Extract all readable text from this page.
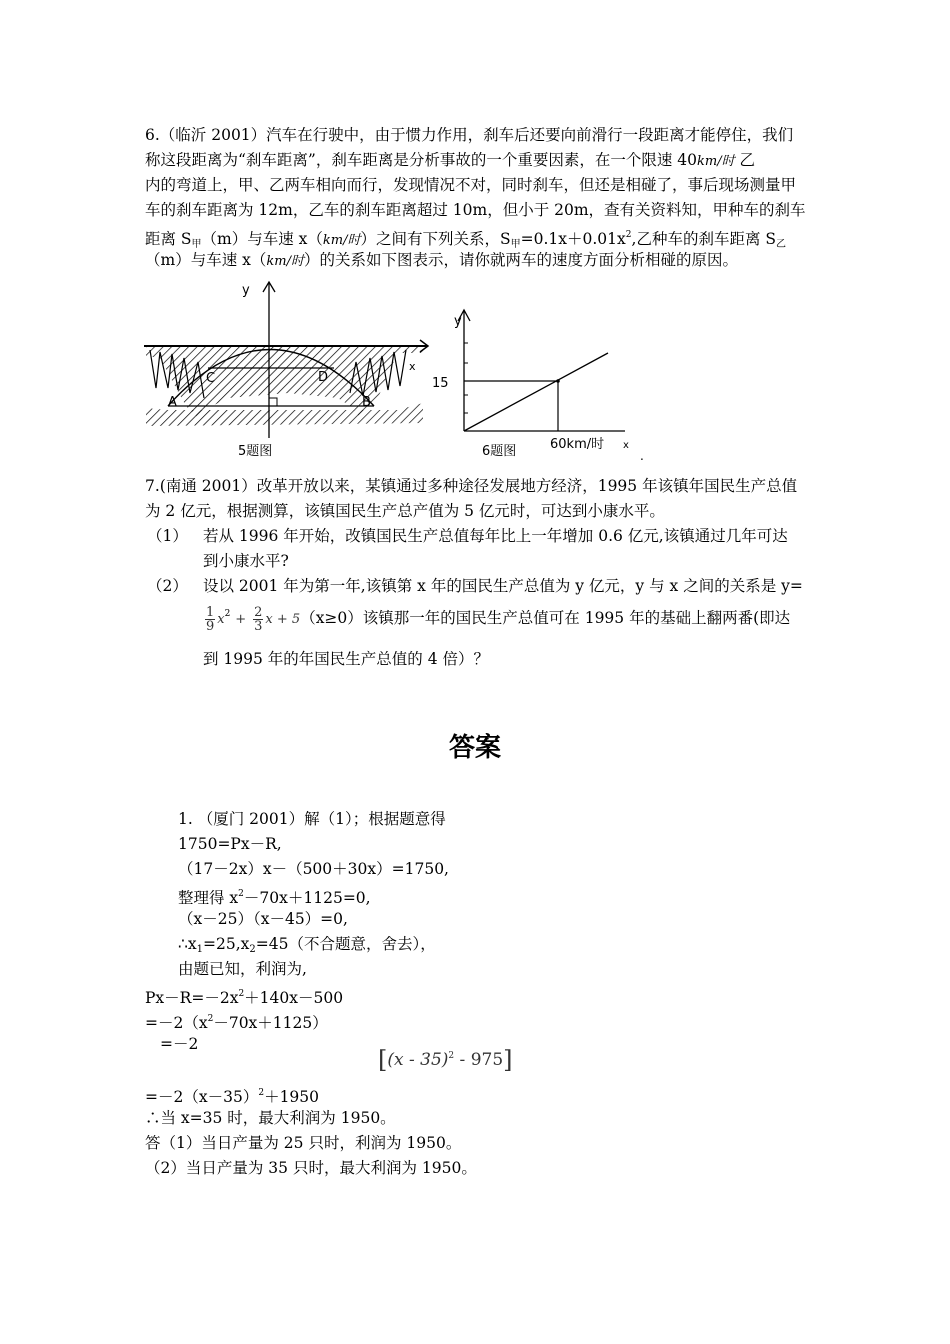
6.（临沂 2001）汽车在行驶中，由于惯力作用，刹车后还要向前滑行一段距离才能停住，我们
称这段距离为“刹车距离”，刹车距离是分析事故的一个重要因素，在一个限速 40km/时 乙
内的弯道上，甲、乙两车相向而行，发现情况不对，同时刹车，但还是相碰了，事后现场测量甲
车的刹车距离为 12m，乙车的刹车距离超过 10m，但小于 20m，查有关资料知，甲种车的刹车
距离 $S_甲(m)$与车速 x（km/时）之间有下列关系，$S_甲=0.1x+0.01x^2$,乙种车的刹车距离 $S_乙$
（m）与车速 x（km/时）的关系如下图表示，请你就两车的速度方面分析相碰的原因。
y
x
C	D
A	B
5题图
y
15
60km/时 x
6题图	.
7.(南通 2001）改革开放以来，某镇通过多种途径发展地方经济，1995 年该镇年国民生产总值
为 2 亿元，根据测算，该镇国民生产总产值为 5 亿元时，可达到小康水平。
（1） 若从 1996 年开始，改镇国民生产总值每年比上一年增加 0.6 亿元,该镇通过几年可达
到小康水平?
（2） 设以 2001 年为第一年,该镇第 x 年的国民生产总值为 y 亿元，y 与 x 之间的关系是 y=
$\frac{1}{9} x^2 + \frac{2}{3}$ x + 5（x≥0）该镇那一年的国民生产总值可在 1995 年的基础上翻两番(即达
到 1995 年的年国民生产总值的 4 倍）？
答案
1. （厦门 2001）解（1）；根据题意得
1750=Px－R,
（17－2x）x－（500＋30x）=1750,
整理得 $x^2-70x+1125=0$,
（x－25）（x－45）=0,
$\therefore x_1=25,x_2=45$（不合题意，舍去），
由题已知，利润为,
$Px-R=-2x^2+140x-500$
$=-2(x^2-70x+1125)$
=－2
[(x - 35)$^2$ - 975]
$=-2(x-35)^2+1950$
∴当 x=35 时，最大利润为 1950。
答（1）当日产量为 25 只时，利润为 1950。
（2）当日产量为 35 只时，最大利润为 1950。
